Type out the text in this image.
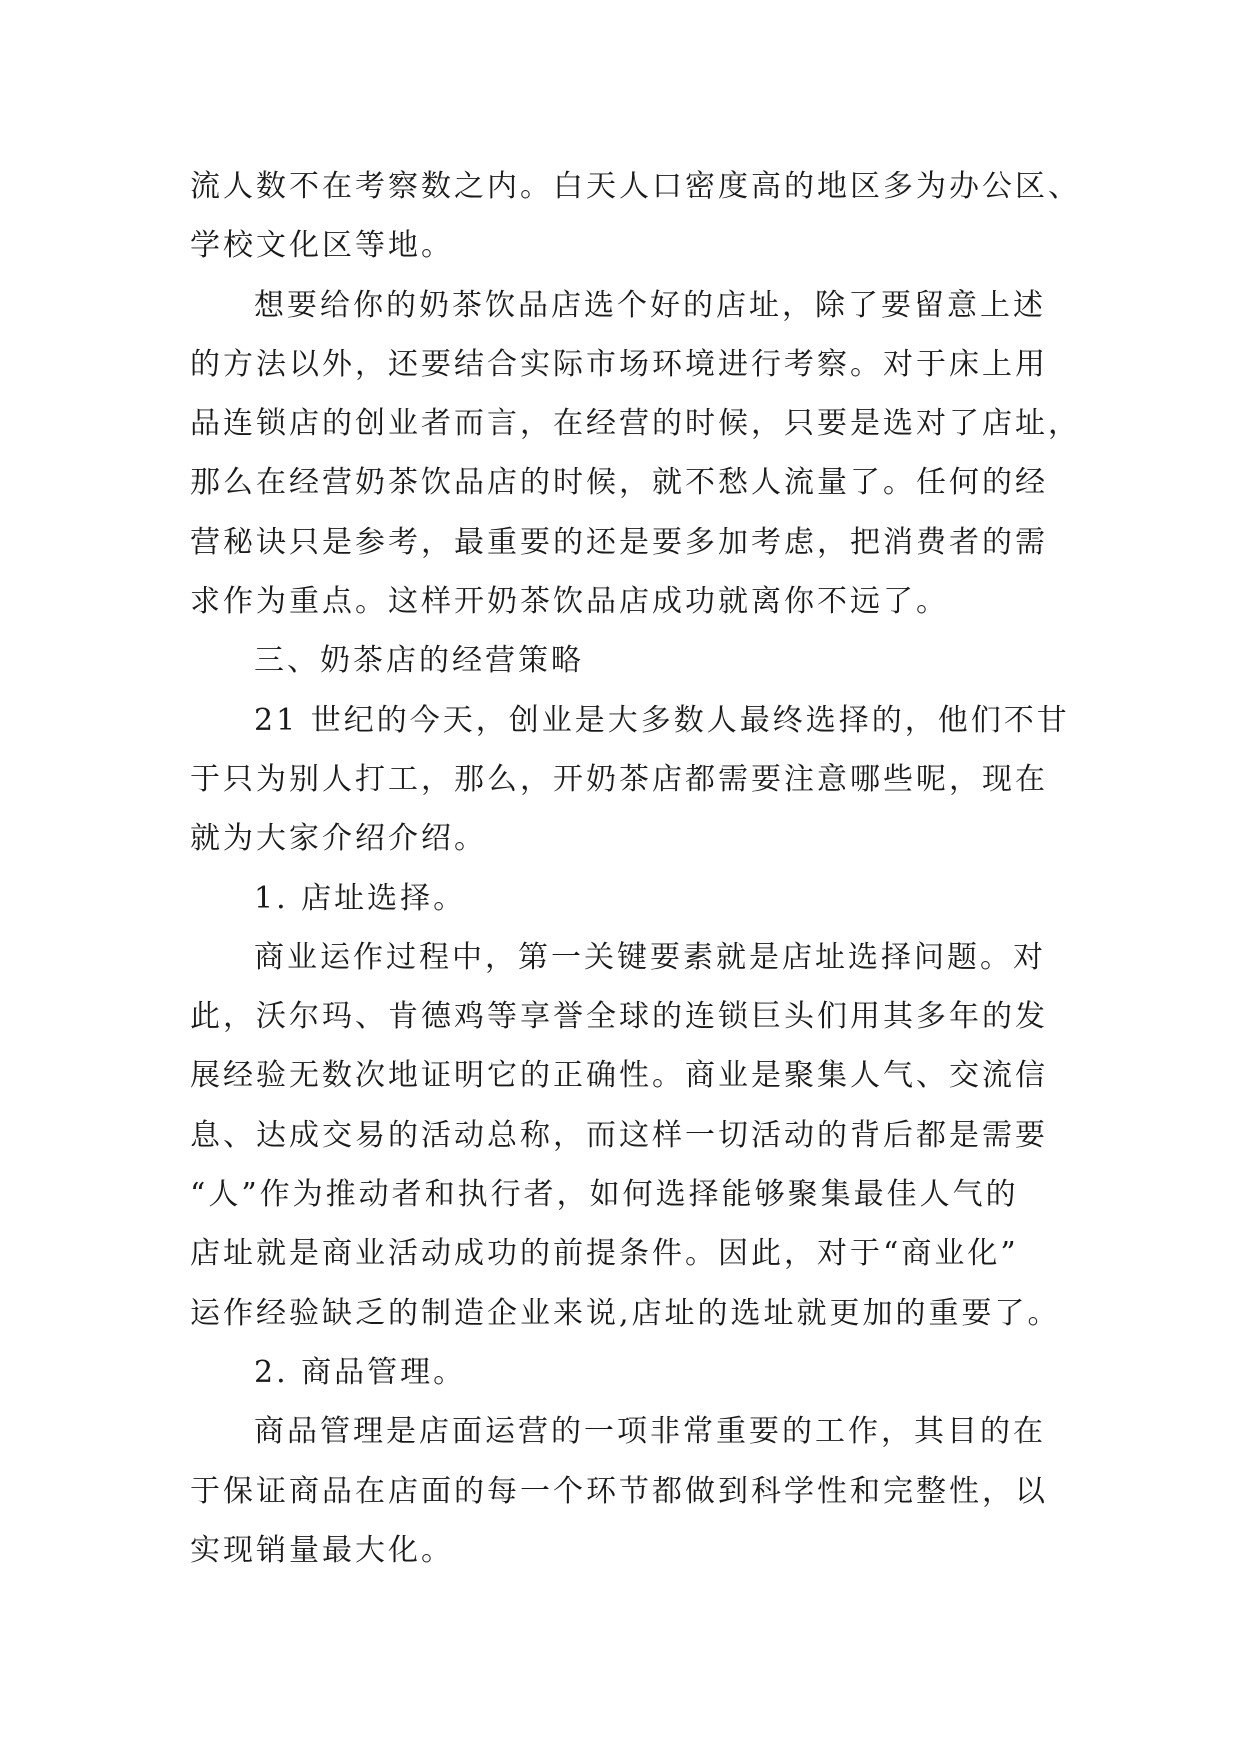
流人数不在考察数之内。白天人口密度高的地区多为办公区、
学校文化区等地。
想要给你的奶茶饮品店选个好的店址，除了要留意上述
的方法以外，还要结合实际市场环境进行考察。对于床上用
品连锁店的创业者而言，在经营的时候，只要是选对了店址，
那么在经营奶茶饮品店的时候，就不愁人流量了。任何的经
营秘诀只是参考，最重要的还是要多加考虑，把消费者的需
求作为重点。这样开奶茶饮品店成功就离你不远了。
三、奶茶店的经营策略
21 世纪的今天，创业是大多数人最终选择的，他们不甘
于只为别人打工，那么，开奶茶店都需要注意哪些呢，现在
就为大家介绍介绍。
1. 店址选择。
商业运作过程中，第一关键要素就是店址选择问题。对
此，沃尔玛、肯德鸡等享誉全球的连锁巨头们用其多年的发
展经验无数次地证明它的正确性。商业是聚集人气、交流信
息、达成交易的活动总称，而这样一切活动的背后都是需要
“人”作为推动者和执行者，如何选择能够聚集最佳人气的
店址就是商业活动成功的前提条件。因此，对于“商业化”
运作经验缺乏的制造企业来说,店址的选址就更加的重要了。
2. 商品管理。
商品管理是店面运营的一项非常重要的工作，其目的在
于保证商品在店面的每一个环节都做到科学性和完整性，以
实现销量最大化。
